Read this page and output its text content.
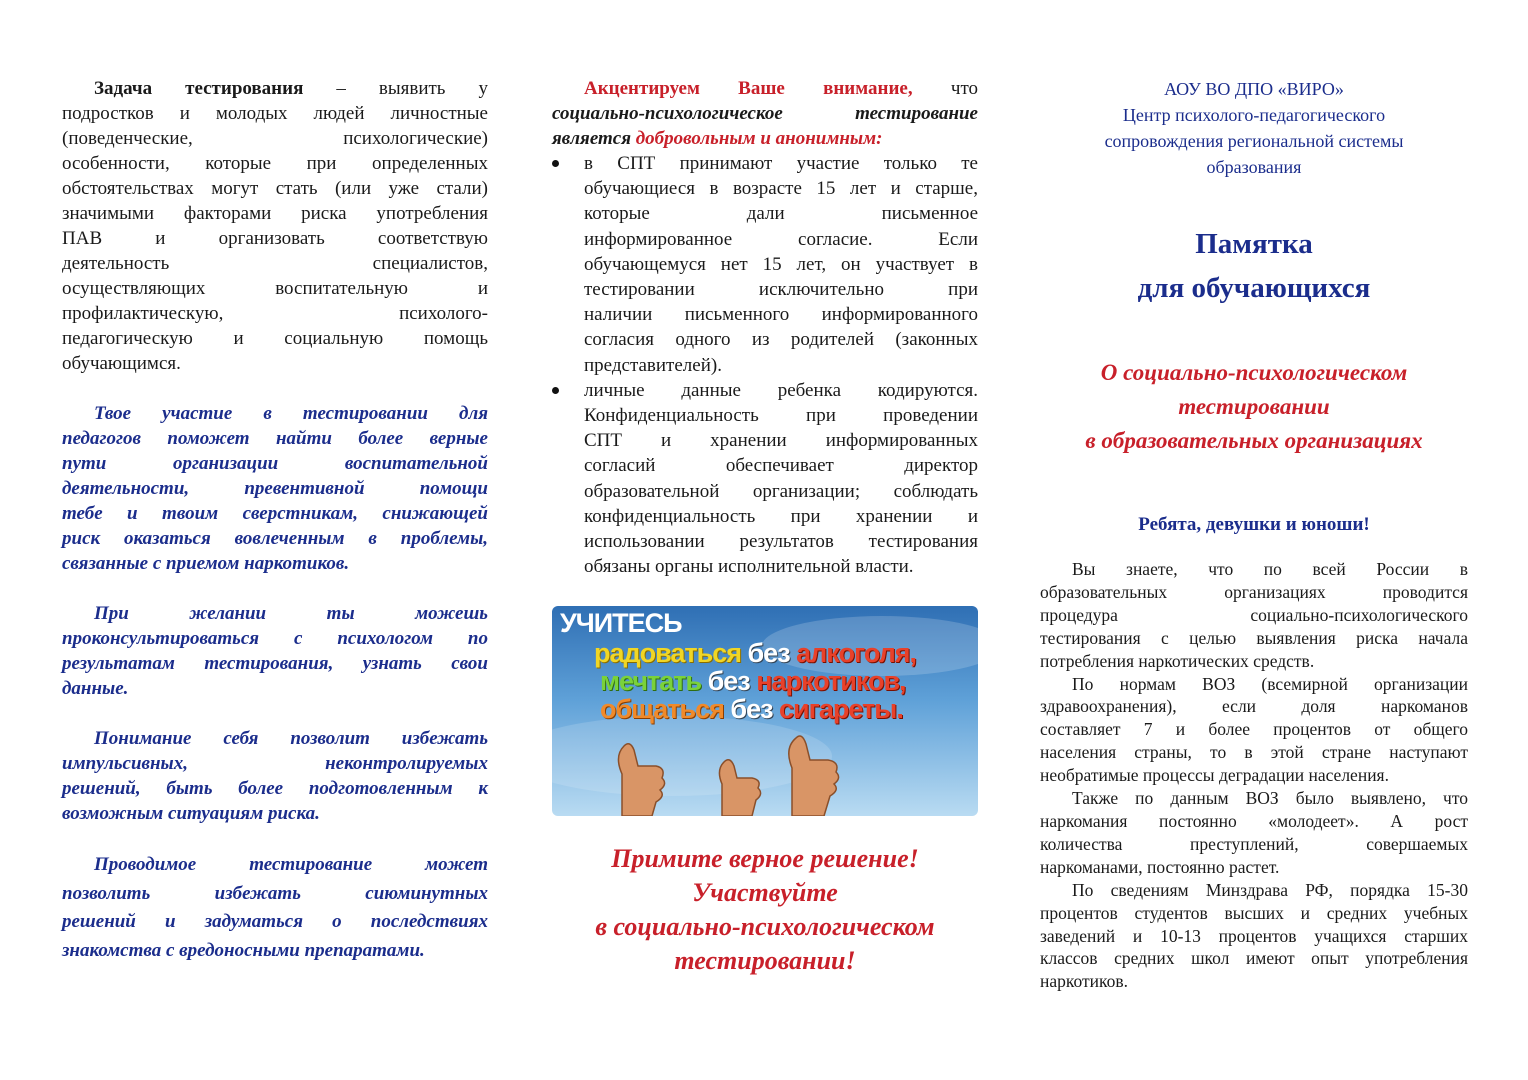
Задача тестирования – выявить у

подростков и молодых людей личностные

(поведенческие, психологические)

особенности, которые при определенных

обстоятельствах могут стать (или уже стали)

значимыми факторами риска употребления

ПАВ и организовать соответствую

деятельность специалистов,

осуществляющих воспитательную и

профилактическую, психолого-

педагогическую и социальную помощь

обучающимся.

Твое участие в тестировании для

педагогов поможет найти более верные

пути организации воспитательной

деятельности, превентивной помощи

тебе и твоим сверстникам, снижающей

риск оказаться вовлеченным в проблемы,

связанные с приемом наркотиков.

При желании ты можешь

проконсультироваться с психологом по

результатам тестирования, узнать свои

данные.

Понимание себя позволит избежать

импульсивных, неконтролируемых

решений, быть более подготовленным к

возможным ситуациям риска.

Проводимое тестирование может

позволить избежать сиюминутных

решений и задуматься о последствиях

знакомства с вредоносными препаратами.

Акцентируем Ваше внимание, что

социально-психологическое тестирование

является добровольным и анонимным:

в СПТ принимают участие только те

обучающиеся в возрасте 15 лет и старше,

которые дали письменное

информированное согласие. Если

обучающемуся нет 15 лет, он участвует в

тестировании исключительно при

наличии письменного информированного

согласия одного из родителей (законных

представителей).

личные данные ребенка кодируются.

Конфиденциальность при проведении

СПТ и хранении информированных

согласий обеспечивает директор

образовательной организации; соблюдать

конфиденциальность при хранении и

использовании результатов тестирования

обязаны органы исполнительной власти.

УЧИТЕСЬ
радоваться без алкоголя,
мечтать без наркотиков,
общаться без сигареты.
Примите верное решение!
Участвуйте
в социально-психологическом
тестировании!
АОУ ВО ДПО «ВИРО»
Центр психолого-педагогического
сопровождения региональной системы
образования
Памятка
для обучающихся
О социально-психологическом
тестировании
в образовательных организациях
Ребята, девушки и юноши!

Вы знаете, что по всей России в

образовательных организациях проводится

процедура социально-психологического

тестирования с целью выявления риска начала

потребления наркотических средств.

По нормам ВОЗ (всемирной организации

здравоохранения), если доля наркоманов

составляет 7 и более процентов от общего

населения страны, то в этой стране наступают

необратимые процессы деградации населения.

Также по данным ВОЗ было выявлено, что

наркомания постоянно «молодеет». А рост

количества преступлений, совершаемых

наркоманами, постоянно растет.

По сведениям Минздрава РФ, порядка 15-30

процентов студентов высших и средних учебных

заведений и 10-13 процентов учащихся старших

классов средних школ имеют опыт употребления

наркотиков.
